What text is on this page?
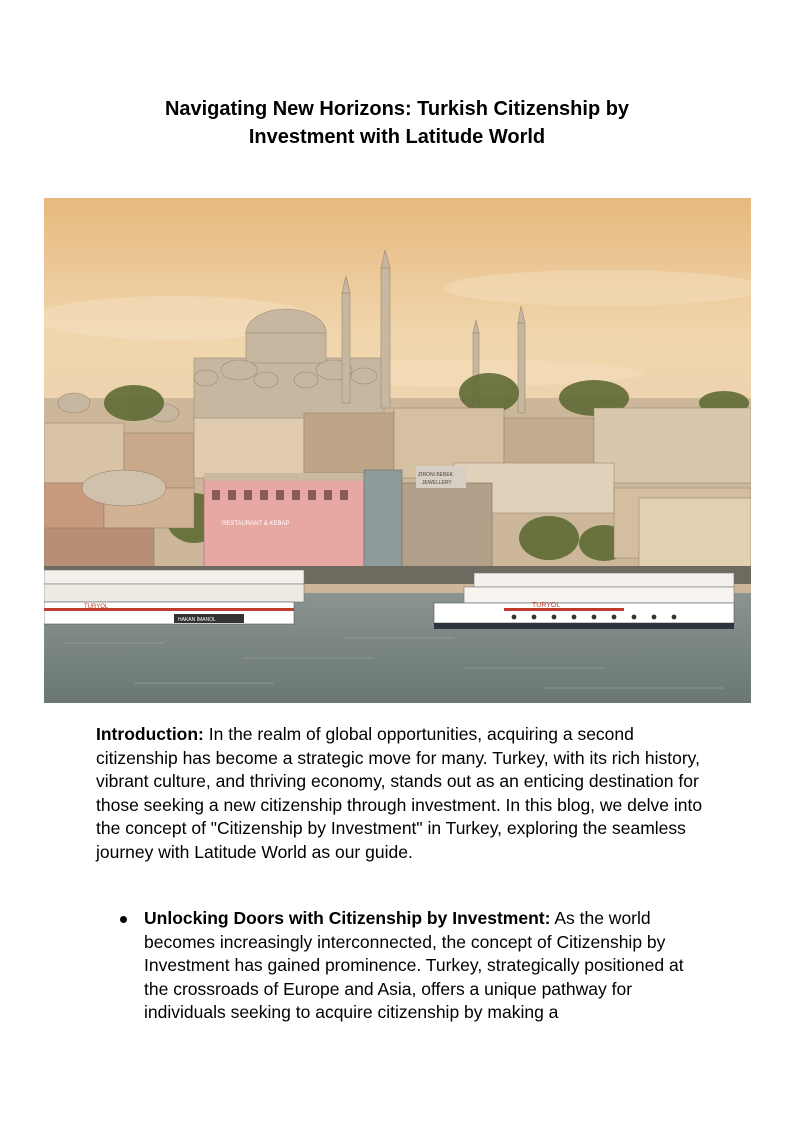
Navigating New Horizons: Turkish Citizenship by
Investment with Latitude World
RESTAURANT & KEBAP
ZIRONI BEBEK
JEWELLERY
TURYOL
HAKAN İMANOL
TURYOL

Introduction: In the realm of global opportunities, acquiring a second citizenship has become a strategic move for many. Turkey, with its rich history, vibrant culture, and thriving economy, stands out as an enticing destination for those seeking a new citizenship through investment. In this blog, we delve into the concept of "Citizenship by Investment" in Turkey, exploring the seamless journey with Latitude World as our guide.

Unlocking Doors with Citizenship by Investment: As the world becomes increasingly interconnected, the concept of Citizenship by Investment has gained prominence. Turkey, strategically positioned at the crossroads of Europe and Asia, offers a unique pathway for individuals seeking to acquire citizenship by making a
